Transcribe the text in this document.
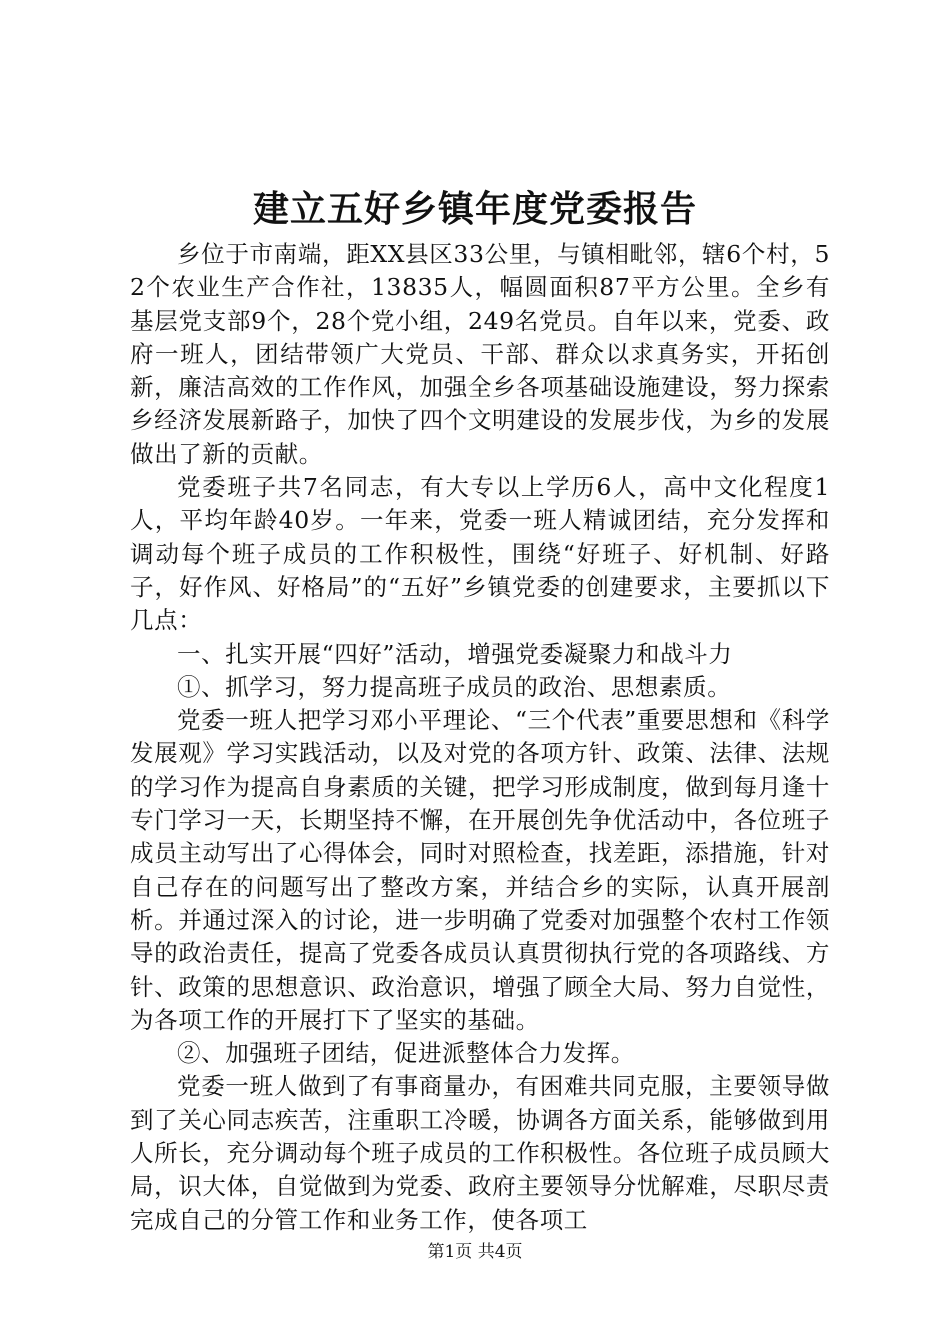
建立五好乡镇年度党委报告

乡位于市南端，距XX县区33公里，与镇相毗邻，辖6个村，52个农业生产合作社，13835人，幅圆面积87平方公里。全乡有基层党支部9个，28个党小组，249名党员。自年以来，党委、政府一班人，团结带领广大党员、干部、群众以求真务实，开拓创新，廉洁高效的工作作风，加强全乡各项基础设施建设，努力探索乡经济发展新路子，加快了四个文明建设的发展步伐，为乡的发展做出了新的贡献。

党委班子共7名同志，有大专以上学历6人，高中文化程度1人，平均年龄40岁。一年来，党委一班人精诚团结，充分发挥和调动每个班子成员的工作积极性，围绕“好班子、好机制、好路子，好作风、好格局”的“五好”乡镇党委的创建要求，主要抓以下几点：

一、扎实开展“四好”活动，增强党委凝聚力和战斗力

①、抓学习，努力提高班子成员的政治、思想素质。

党委一班人把学习邓小平理论、“三个代表”重要思想和《科学发展观》学习实践活动，以及对党的各项方针、政策、法律、法规的学习作为提高自身素质的关键，把学习形成制度，做到每月逢十专门学习一天，长期坚持不懈，在开展创先争优活动中，各位班子成员主动写出了心得体会，同时对照检查，找差距，添措施，针对自己存在的问题写出了整改方案，并结合乡的实际，认真开展剖析。并通过深入的讨论，进一步明确了党委对加强整个农村工作领导的政治责任，提高了党委各成员认真贯彻执行党的各项路线、方针、政策的思想意识、政治意识，增强了顾全大局、努力自觉性，为各项工作的开展打下了坚实的基础。

②、加强班子团结，促进派整体合力发挥。

党委一班人做到了有事商量办，有困难共同克服，主要领导做到了关心同志疾苦，注重职工冷暖，协调各方面关系，能够做到用人所长，充分调动每个班子成员的工作积极性。各位班子成员顾大局，识大体，自觉做到为党委、政府主要领导分忧解难，尽职尽责完成自己的分管工作和业务工作，使各项工

第1页 共4页
